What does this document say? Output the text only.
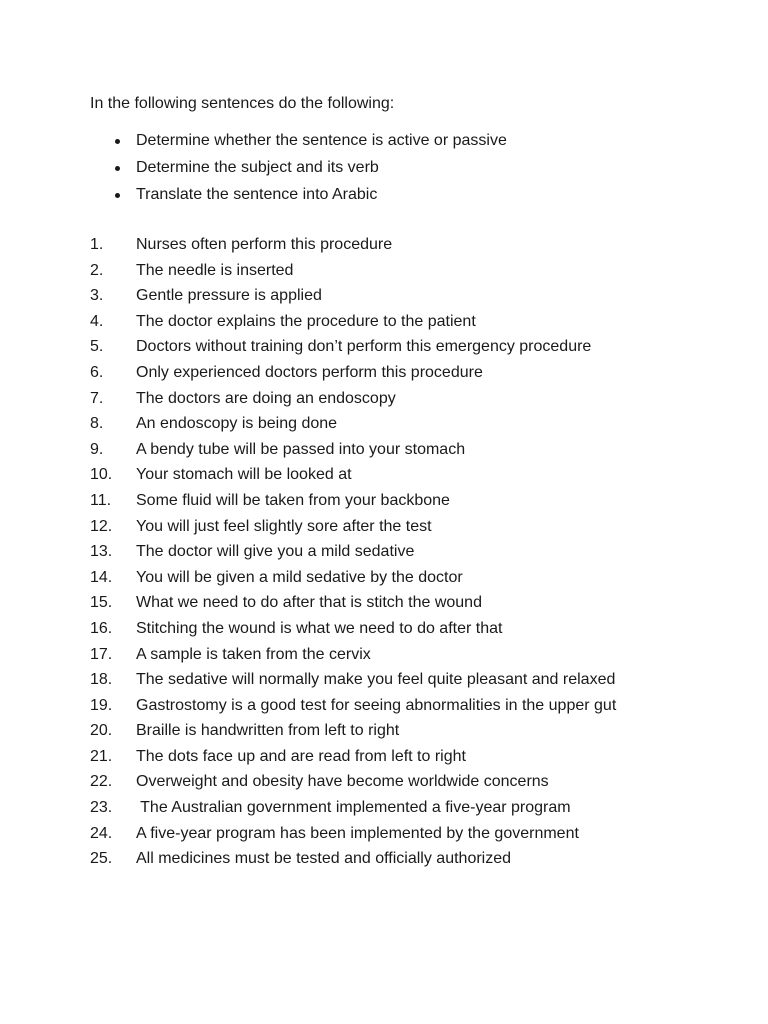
In the following sentences do the following:

Determine whether the sentence is active or passive
Determine the subject and its verb
Translate the sentence into Arabic
1. Nurses often perform this procedure
2. The needle is inserted
3. Gentle pressure is applied
4. The doctor explains the procedure to the patient
5. Doctors without training don’t perform this emergency procedure
6. Only experienced doctors perform this procedure
7. The doctors are doing an endoscopy
8. An endoscopy is being done
9. A bendy tube will be passed into your stomach
10. Your stomach will be looked at
11. Some fluid will be taken from your backbone
12. You will just feel slightly sore after the test
13. The doctor will give you a mild sedative
14. You will be given a mild sedative by the doctor
15. What we need to do after that is stitch the wound
16. Stitching the wound is what we need to do after that
17. A sample is taken from the cervix
18. The sedative will normally make you feel quite pleasant and relaxed
19. Gastrostomy is a good test for seeing abnormalities in the upper gut
20. Braille is handwritten from left to right
21. The dots face up and are read from left to right
22. Overweight and obesity have become worldwide concerns
23. The Australian government implemented a five-year program
24. A five-year program has been implemented by the government
25. All medicines must be tested and officially authorized
